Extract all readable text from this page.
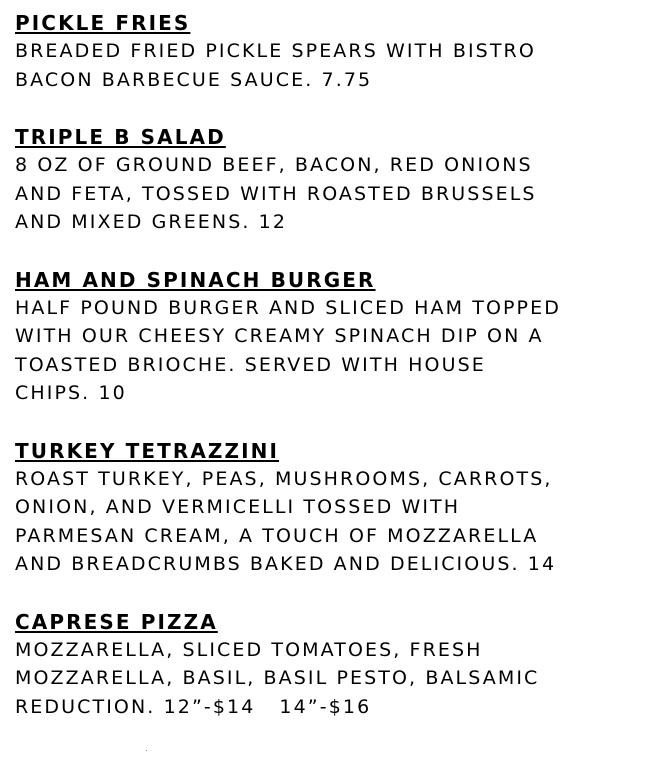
PICKLE FRIES
BREADED FRIED PICKLE SPEARS WITH BISTRO
BACON BARBECUE SAUCE. 7.75
TRIPLE B SALAD
8 OZ OF GROUND BEEF, BACON, RED ONIONS
AND FETA, TOSSED WITH ROASTED BRUSSELS
AND MIXED GREENS. 12
HAM AND SPINACH BURGER
HALF POUND BURGER AND SLICED HAM TOPPED
WITH OUR CHEESY CREAMY SPINACH DIP ON A
TOASTED BRIOCHE. SERVED WITH HOUSE
CHIPS. 10
TURKEY TETRAZZINI
ROAST TURKEY, PEAS, MUSHROOMS, CARROTS,
ONION, AND VERMICELLI TOSSED WITH
PARMESAN CREAM, A TOUCH OF MOZZARELLA
AND BREADCRUMBS BAKED AND DELICIOUS. 14
CAPRESE PIZZA
MOZZARELLA, SLICED TOMATOES, FRESH
MOZZARELLA, BASIL, BASIL PESTO, BALSAMIC
REDUCTION. 12”-$14 14”-$16
